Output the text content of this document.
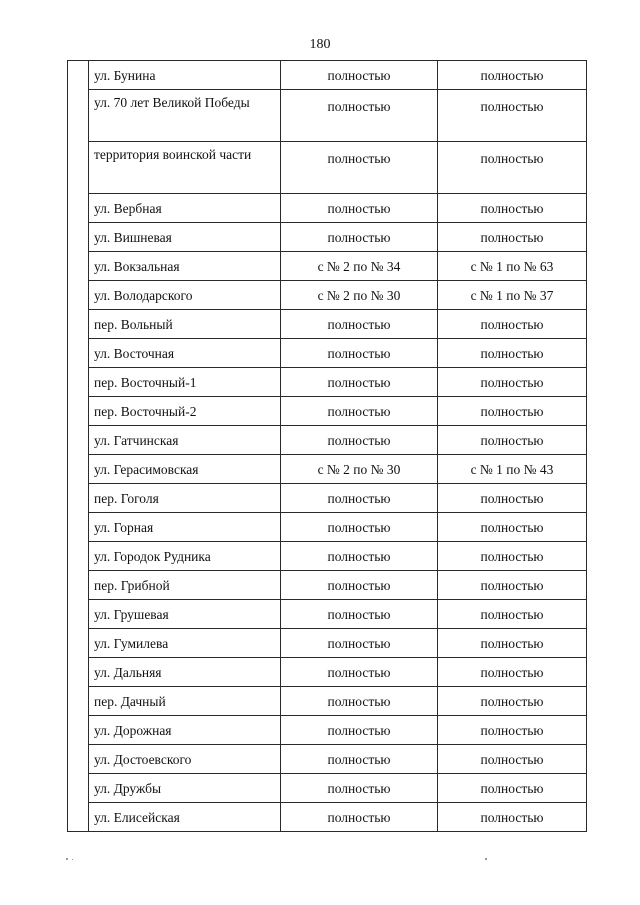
180
	ул. Бунина	полностью	полностью
	ул. 70 лет Великой Победы	полностью	полностью
	территория воинской части	полностью	полностью
	ул. Вербная	полностью	полностью
	ул. Вишневая	полностью	полностью
	ул. Вокзальная	с № 2 по № 34	с № 1 по № 63
	ул. Володарского	с № 2 по № 30	с № 1 по № 37
	пер. Вольный	полностью	полностью
	ул. Восточная	полностью	полностью
	пер. Восточный-1	полностью	полностью
	пер. Восточный-2	полностью	полностью
	ул. Гатчинская	полностью	полностью
	ул. Герасимовская	с № 2 по № 30	с № 1 по № 43
	пер. Гоголя	полностью	полностью
	ул. Горная	полностью	полностью
	ул. Городок Рудника	полностью	полностью
	пер. Грибной	полностью	полностью
	ул. Грушевая	полностью	полностью
	ул. Гумилева	полностью	полностью
	ул. Дальняя	полностью	полностью
	пер. Дачный	полностью	полностью
	ул. Дорожная	полностью	полностью
	ул. Достоевского	полностью	полностью
	ул. Дружбы	полностью	полностью
	ул. Елисейская	полностью	полностью
